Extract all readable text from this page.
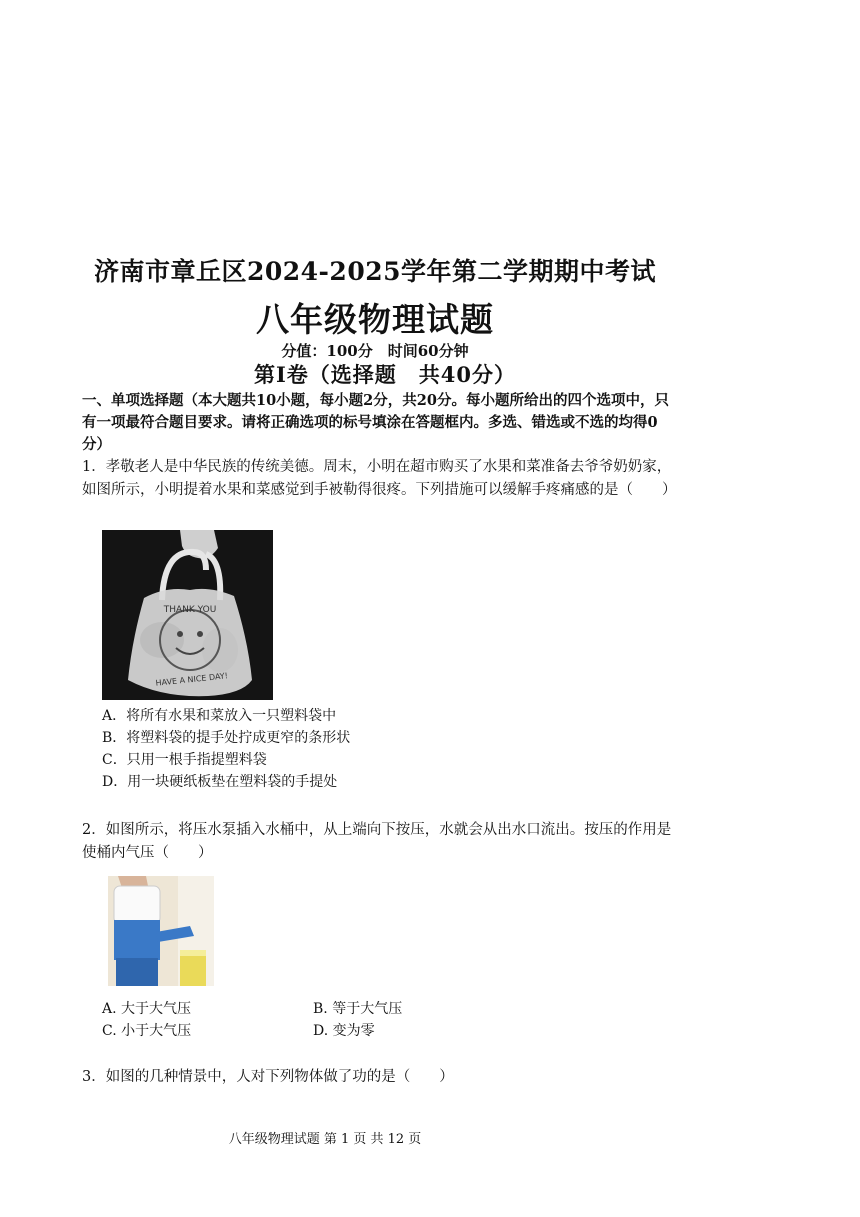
济南市章丘区2024-2025学年第二学期期中考试
八年级物理试题
分值：100分　时间60分钟
第Ⅰ卷（选择题　共40分）
一、单项选择题（本大题共10小题，每小题2分，共20分。每小题所给出的四个选项中，只有一项最符合题目要求。请将正确选项的标号填涂在答题框内。多选、错选或不选的均得0分）
1．孝敬老人是中华民族的传统美德。周末，小明在超市购买了水果和菜准备去爷爷奶奶家，如图所示，小明提着水果和菜感觉到手被勒得很疼。下列措施可以缓解手疼痛感的是（　　）
THANK YOU
HAVE A NICE DAY!
A．将所有水果和菜放入一只塑料袋中
B．将塑料袋的提手处拧成更窄的条形状
C．只用一根手指提塑料袋
D．用一块硬纸板垫在塑料袋的手提处
2．如图所示，将压水泵插入水桶中，从上端向下按压，水就会从出水口流出。按压的作用是使桶内气压（　　）
A. 大于大气压	B. 等于大气压
C. 小于大气压	D. 变为零
3．如图的几种情景中，人对下列物体做了功的是（　　）
八年级物理试题 第 1 页 共 12 页
